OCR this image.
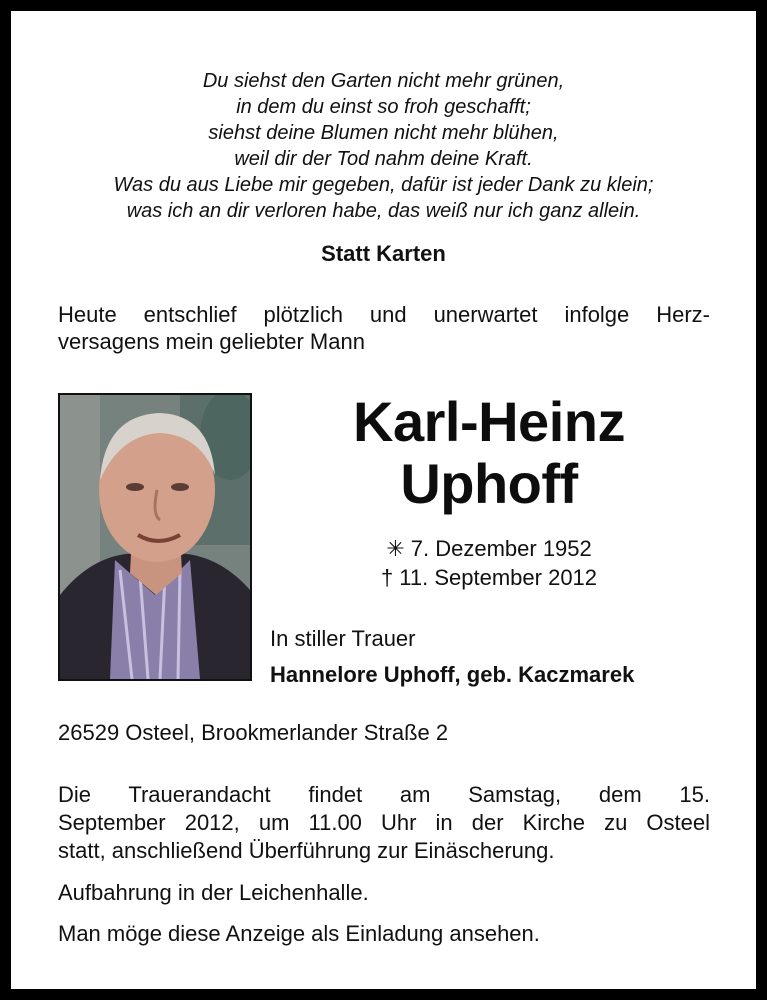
Du siehst den Garten nicht mehr grünen,
in dem du einst so froh geschafft;
siehst deine Blumen nicht mehr blühen,
weil dir der Tod nahm deine Kraft.
Was du aus Liebe mir gegeben, dafür ist jeder Dank zu klein;
was ich an dir verloren habe, das weiß nur ich ganz allein.
Statt Karten
Heute entschlief plötzlich und unerwartet infolge Herz-
versagens mein geliebter Mann
Karl-Heinz
Uphoff
✳ 7. Dezember 1952
† 11. September 2012
In stiller Trauer
Hannelore Uphoff, geb. Kaczmarek
26529 Osteel, Brookmerlander Straße 2
Die Trauerandacht findet am Samstag, dem 15.
September 2012, um 11.00 Uhr in der Kirche zu Osteel
statt, anschließend Überführung zur Einäscherung.
Aufbahrung in der Leichenhalle.
Man möge diese Anzeige als Einladung ansehen.
